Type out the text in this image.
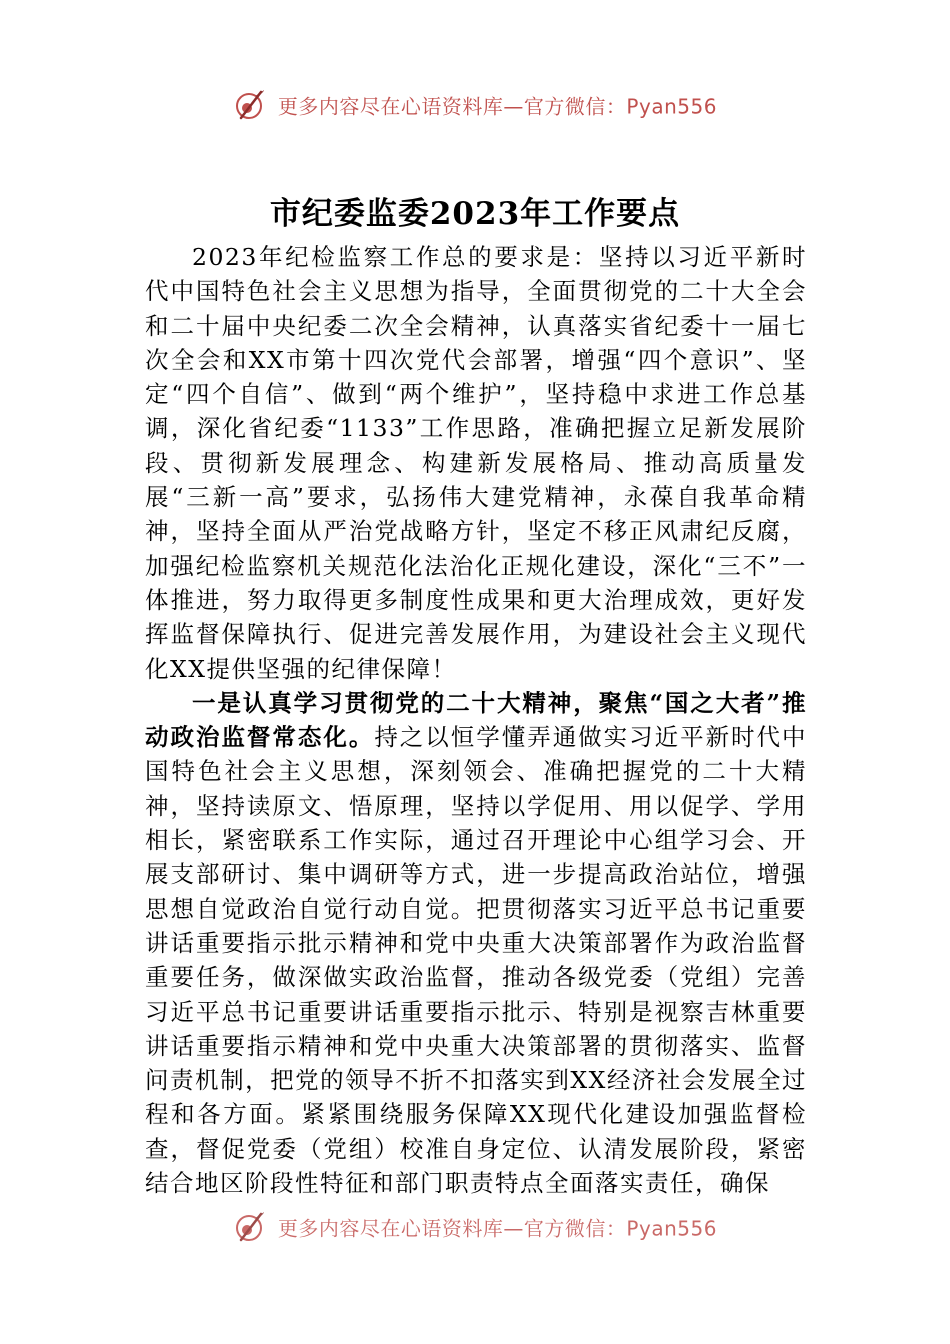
更多内容尽在心语资料库—官方微信：Pyan556
市纪委监委2023年工作要点

2023年纪检监察工作总的要求是：坚持以习近平新时代中国特色社会主义思想为指导，全面贯彻党的二十大全会和二十届中央纪委二次全会精神，认真落实省纪委十一届七次全会和XX市第十四次党代会部署，增强“四个意识”、坚定“四个自信”、做到“两个维护”，坚持稳中求进工作总基调，深化省纪委“1133”工作思路，准确把握立足新发展阶段、贯彻新发展理念、构建新发展格局、推动高质量发展“三新一高”要求，弘扬伟大建党精神，永葆自我革命精神，坚持全面从严治党战略方针，坚定不移正风肃纪反腐，加强纪检监察机关规范化法治化正规化建设，深化“三不”一体推进，努力取得更多制度性成果和更大治理成效，更好发挥监督保障执行、促进完善发展作用，为建设社会主义现代化XX提供坚强的纪律保障！

一是认真学习贯彻党的二十大精神，聚焦“国之大者”推动政治监督常态化。持之以恒学懂弄通做实习近平新时代中国特色社会主义思想，深刻领会、准确把握党的二十大精神，坚持读原文、悟原理，坚持以学促用、用以促学、学用相长，紧密联系工作实际，通过召开理论中心组学习会、开展支部研讨、集中调研等方式，进一步提高政治站位，增强思想自觉政治自觉行动自觉。把贯彻落实习近平总书记重要讲话重要指示批示精神和党中央重大决策部署作为政治监督重要任务，做深做实政治监督，推动各级党委（党组）完善习近平总书记重要讲话重要指示批示、特别是视察吉林重要讲话重要指示精神和党中央重大决策部署的贯彻落实、监督问责机制，把党的领导不折不扣落实到XX经济社会发展全过程和各方面。紧紧围绕服务保障XX现代化建设加强监督检查，督促党委（党组）校准自身定位、认清发展阶段，紧密结合地区阶段性特征和部门职责特点全面落实责任，确保

更多内容尽在心语资料库—官方微信：Pyan556
